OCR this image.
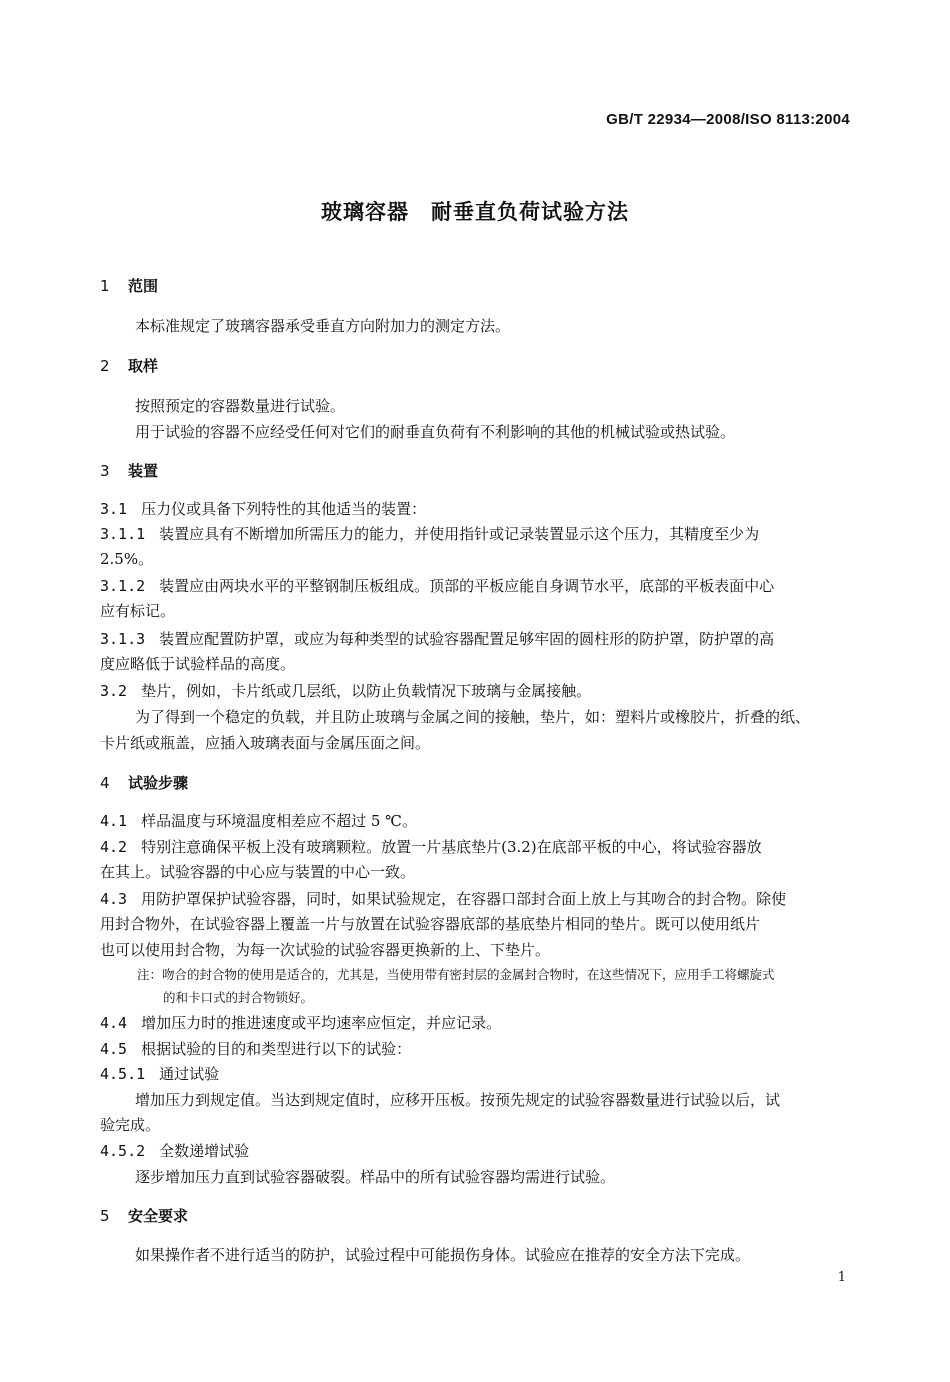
GB/T 22934—2008/ISO 8113:2004
玻璃容器 耐垂直负荷试验方法
1 范围
本标准规定了玻璃容器承受垂直方向附加力的测定方法。
2 取样
按照预定的容器数量进行试验。
用于试验的容器不应经受任何对它们的耐垂直负荷有不利影响的其他的机械试验或热试验。
3 装置
3.1 压力仪或具备下列特性的其他适当的装置：
3.1.1 装置应具有不断增加所需压力的能力，并使用指针或记录装置显示这个压力，其精度至少为
2.5%。
3.1.2 装置应由两块水平的平整钢制压板组成。顶部的平板应能自身调节水平，底部的平板表面中心
应有标记。
3.1.3 装置应配置防护罩，或应为每种类型的试验容器配置足够牢固的圆柱形的防护罩，防护罩的高
度应略低于试验样品的高度。
3.2 垫片，例如，卡片纸或几层纸，以防止负载情况下玻璃与金属接触。
为了得到一个稳定的负载，并且防止玻璃与金属之间的接触，垫片，如：塑料片或橡胶片，折叠的纸、
卡片纸或瓶盖，应插入玻璃表面与金属压面之间。
4 试验步骤
4.1 样品温度与环境温度相差应不超过 5 ℃。
4.2 特别注意确保平板上没有玻璃颗粒。放置一片基底垫片(3.2)在底部平板的中心，将试验容器放
在其上。试验容器的中心应与装置的中心一致。
4.3 用防护罩保护试验容器，同时，如果试验规定，在容器口部封合面上放上与其吻合的封合物。除使
用封合物外，在试验容器上覆盖一片与放置在试验容器底部的基底垫片相同的垫片。既可以使用纸片
也可以使用封合物，为每一次试验的试验容器更换新的上、下垫片。
注：吻合的封合物的使用是适合的，尤其是，当使用带有密封层的金属封合物时，在这些情况下，应用手工将螺旋式
的和卡口式的封合物锁好。
4.4 增加压力时的推进速度或平均速率应恒定，并应记录。
4.5 根据试验的目的和类型进行以下的试验：
4.5.1 通过试验
增加压力到规定值。当达到规定值时，应移开压板。按预先规定的试验容器数量进行试验以后，试
验完成。
4.5.2 全数递增试验
逐步增加压力直到试验容器破裂。样品中的所有试验容器均需进行试验。
5 安全要求
如果操作者不进行适当的防护，试验过程中可能损伤身体。试验应在推荐的安全方法下完成。
1
